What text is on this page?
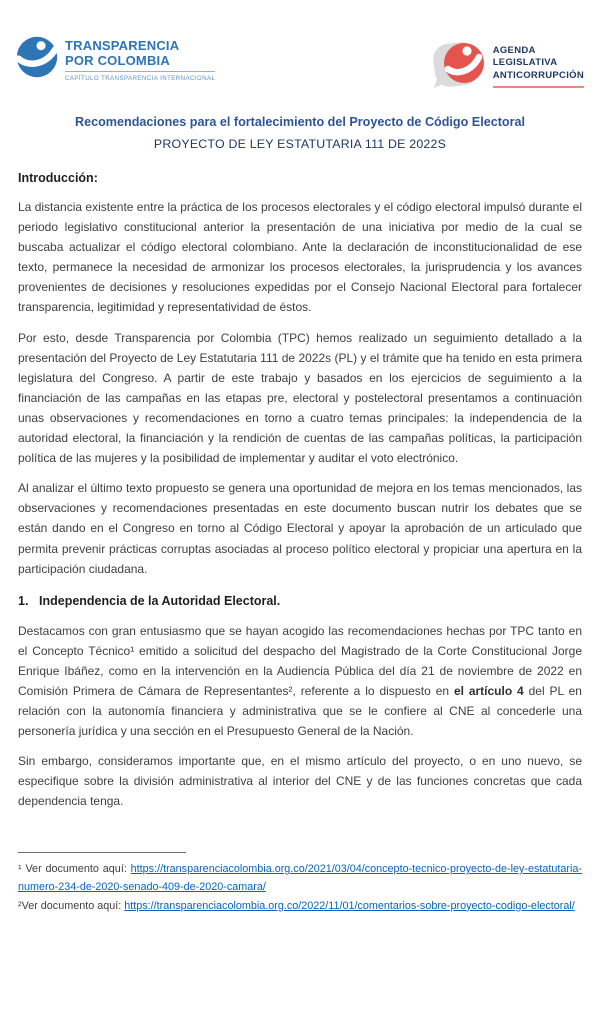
TRANSPARENCIA
POR COLOMBIA
CAPÍTULO TRANSPARENCIA INTERNACIONAL
AGENDA
LEGISLATIVA
ANTICORRUPCIÓN
Recomendaciones para el fortalecimiento del Proyecto de Código Electoral
PROYECTO DE LEY ESTATUTARIA 111 DE 2022S
Introducción:

La distancia existente entre la práctica de los procesos electorales y el código electoral impulsó durante el periodo legislativo constitucional anterior la presentación de una iniciativa por medio de la cual se buscaba actualizar el código electoral colombiano. Ante la declaración de inconstitucionalidad de ese texto, permanece la necesidad de armonizar los procesos electorales, la jurisprudencia y los avances provenientes de decisiones y resoluciones expedidas por el Consejo Nacional Electoral para fortalecer transparencia, legitimidad y representatividad de éstos.

Por esto, desde Transparencia por Colombia (TPC) hemos realizado un seguimiento detallado a la presentación del Proyecto de Ley Estatutaria 111 de 2022s (PL) y el trámite que ha tenido en esta primera legislatura del Congreso. A partir de este trabajo y basados en los ejercicios de seguimiento a la financiación de las campañas en las etapas pre, electoral y postelectoral presentamos a continuación unas observaciones y recomendaciones en torno a cuatro temas principales: la independencia de la autoridad electoral, la financiación y la rendición de cuentas de las campañas políticas, la participación política de las mujeres y la posibilidad de implementar y auditar el voto electrónico.

Al analizar el último texto propuesto se genera una oportunidad de mejora en los temas mencionados, las observaciones y recomendaciones presentadas en este documento buscan nutrir los debates que se están dando en el Congreso en torno al Código Electoral y apoyar la aprobación de un articulado que permita prevenir prácticas corruptas asociadas al proceso político electoral y propiciar una apertura en la participación ciudadana.

1. Independencia de la Autoridad Electoral.

Destacamos con gran entusiasmo que se hayan acogido las recomendaciones hechas por TPC tanto en el Concepto Técnico¹ emitido a solicitud del despacho del Magistrado de la Corte Constitucional Jorge Enrique Ibáñez, como en la intervención en la Audiencia Pública del día 21 de noviembre de 2022 en Comisión Primera de Cámara de Representantes², referente a lo dispuesto en el artículo 4 del PL en relación con la autonomía financiera y administrativa que se le confiere al CNE al concederle una personería jurídica y una sección en el Presupuesto General de la Nación.

Sin embargo, consideramos importante que, en el mismo artículo del proyecto, o en uno nuevo, se especifique sobre la división administrativa al interior del CNE y de las funciones concretas que cada dependencia tenga.

¹ Ver documento aquí: https://transparenciacolombia.org.co/2021/03/04/concepto-tecnico-proyecto-de-ley-estatutaria-numero-234-de-2020-senado-409-de-2020-camara/

²Ver documento aquí: https://transparenciacolombia.org.co/2022/11/01/comentarios-sobre-proyecto-codigo-electoral/
